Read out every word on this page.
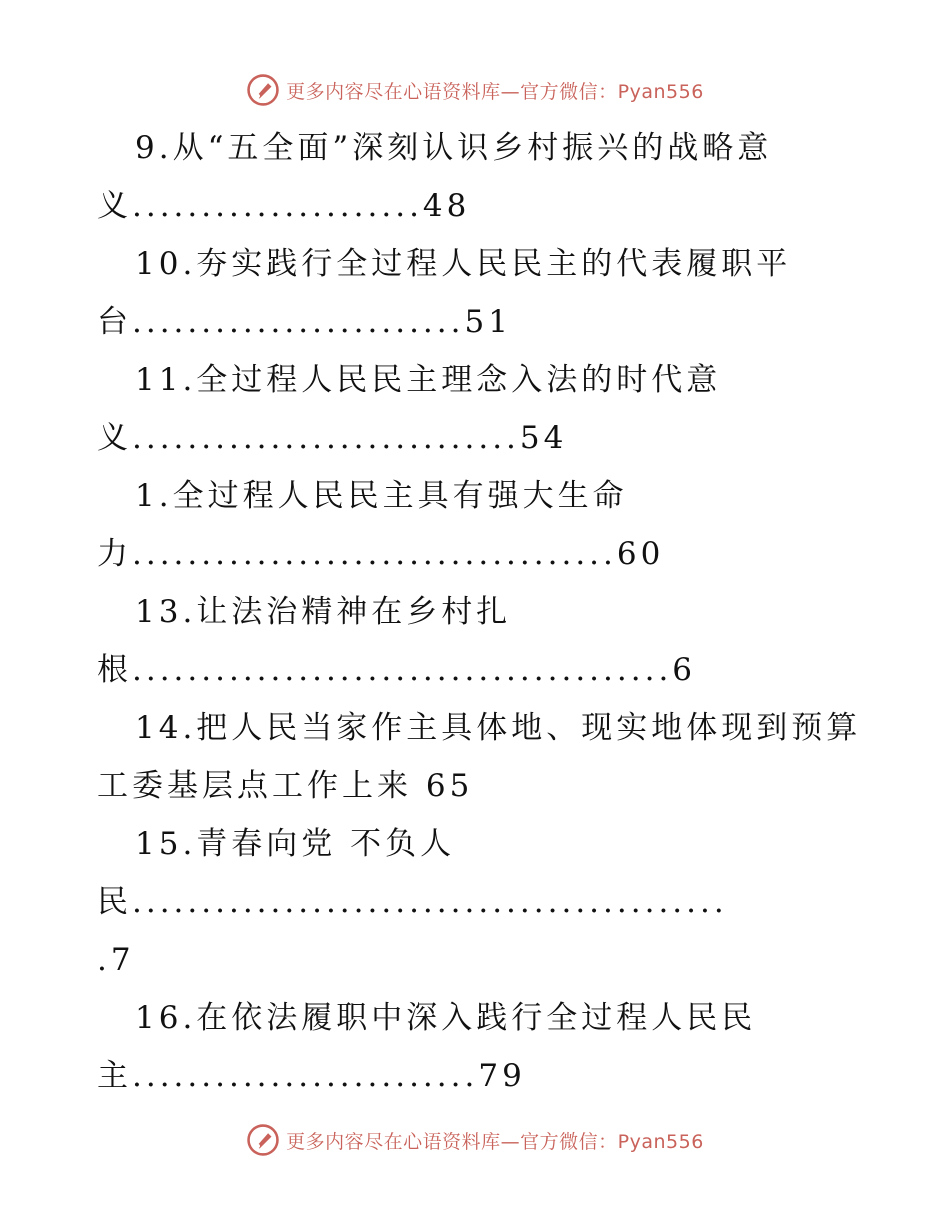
更多内容尽在心语资料库—官方微信：Pyan556
9.从“五全面”深刻认识乡村振兴的战略意
义.....................48
10.夯实践行全过程人民民主的代表履职平
台........................51
11.全过程人民民主理念入法的时代意
义............................54
1.全过程人民民主具有强大生命
力...................................60
13.让法治精神在乡村扎
根.......................................6
14.把人民当家作主具体地、现实地体现到预算
工委基层点工作上来 65
15.青春向党 不负人
民...........................................
.7
16.在依法履职中深入践行全过程人民民
主.........................79
更多内容尽在心语资料库—官方微信：Pyan556
